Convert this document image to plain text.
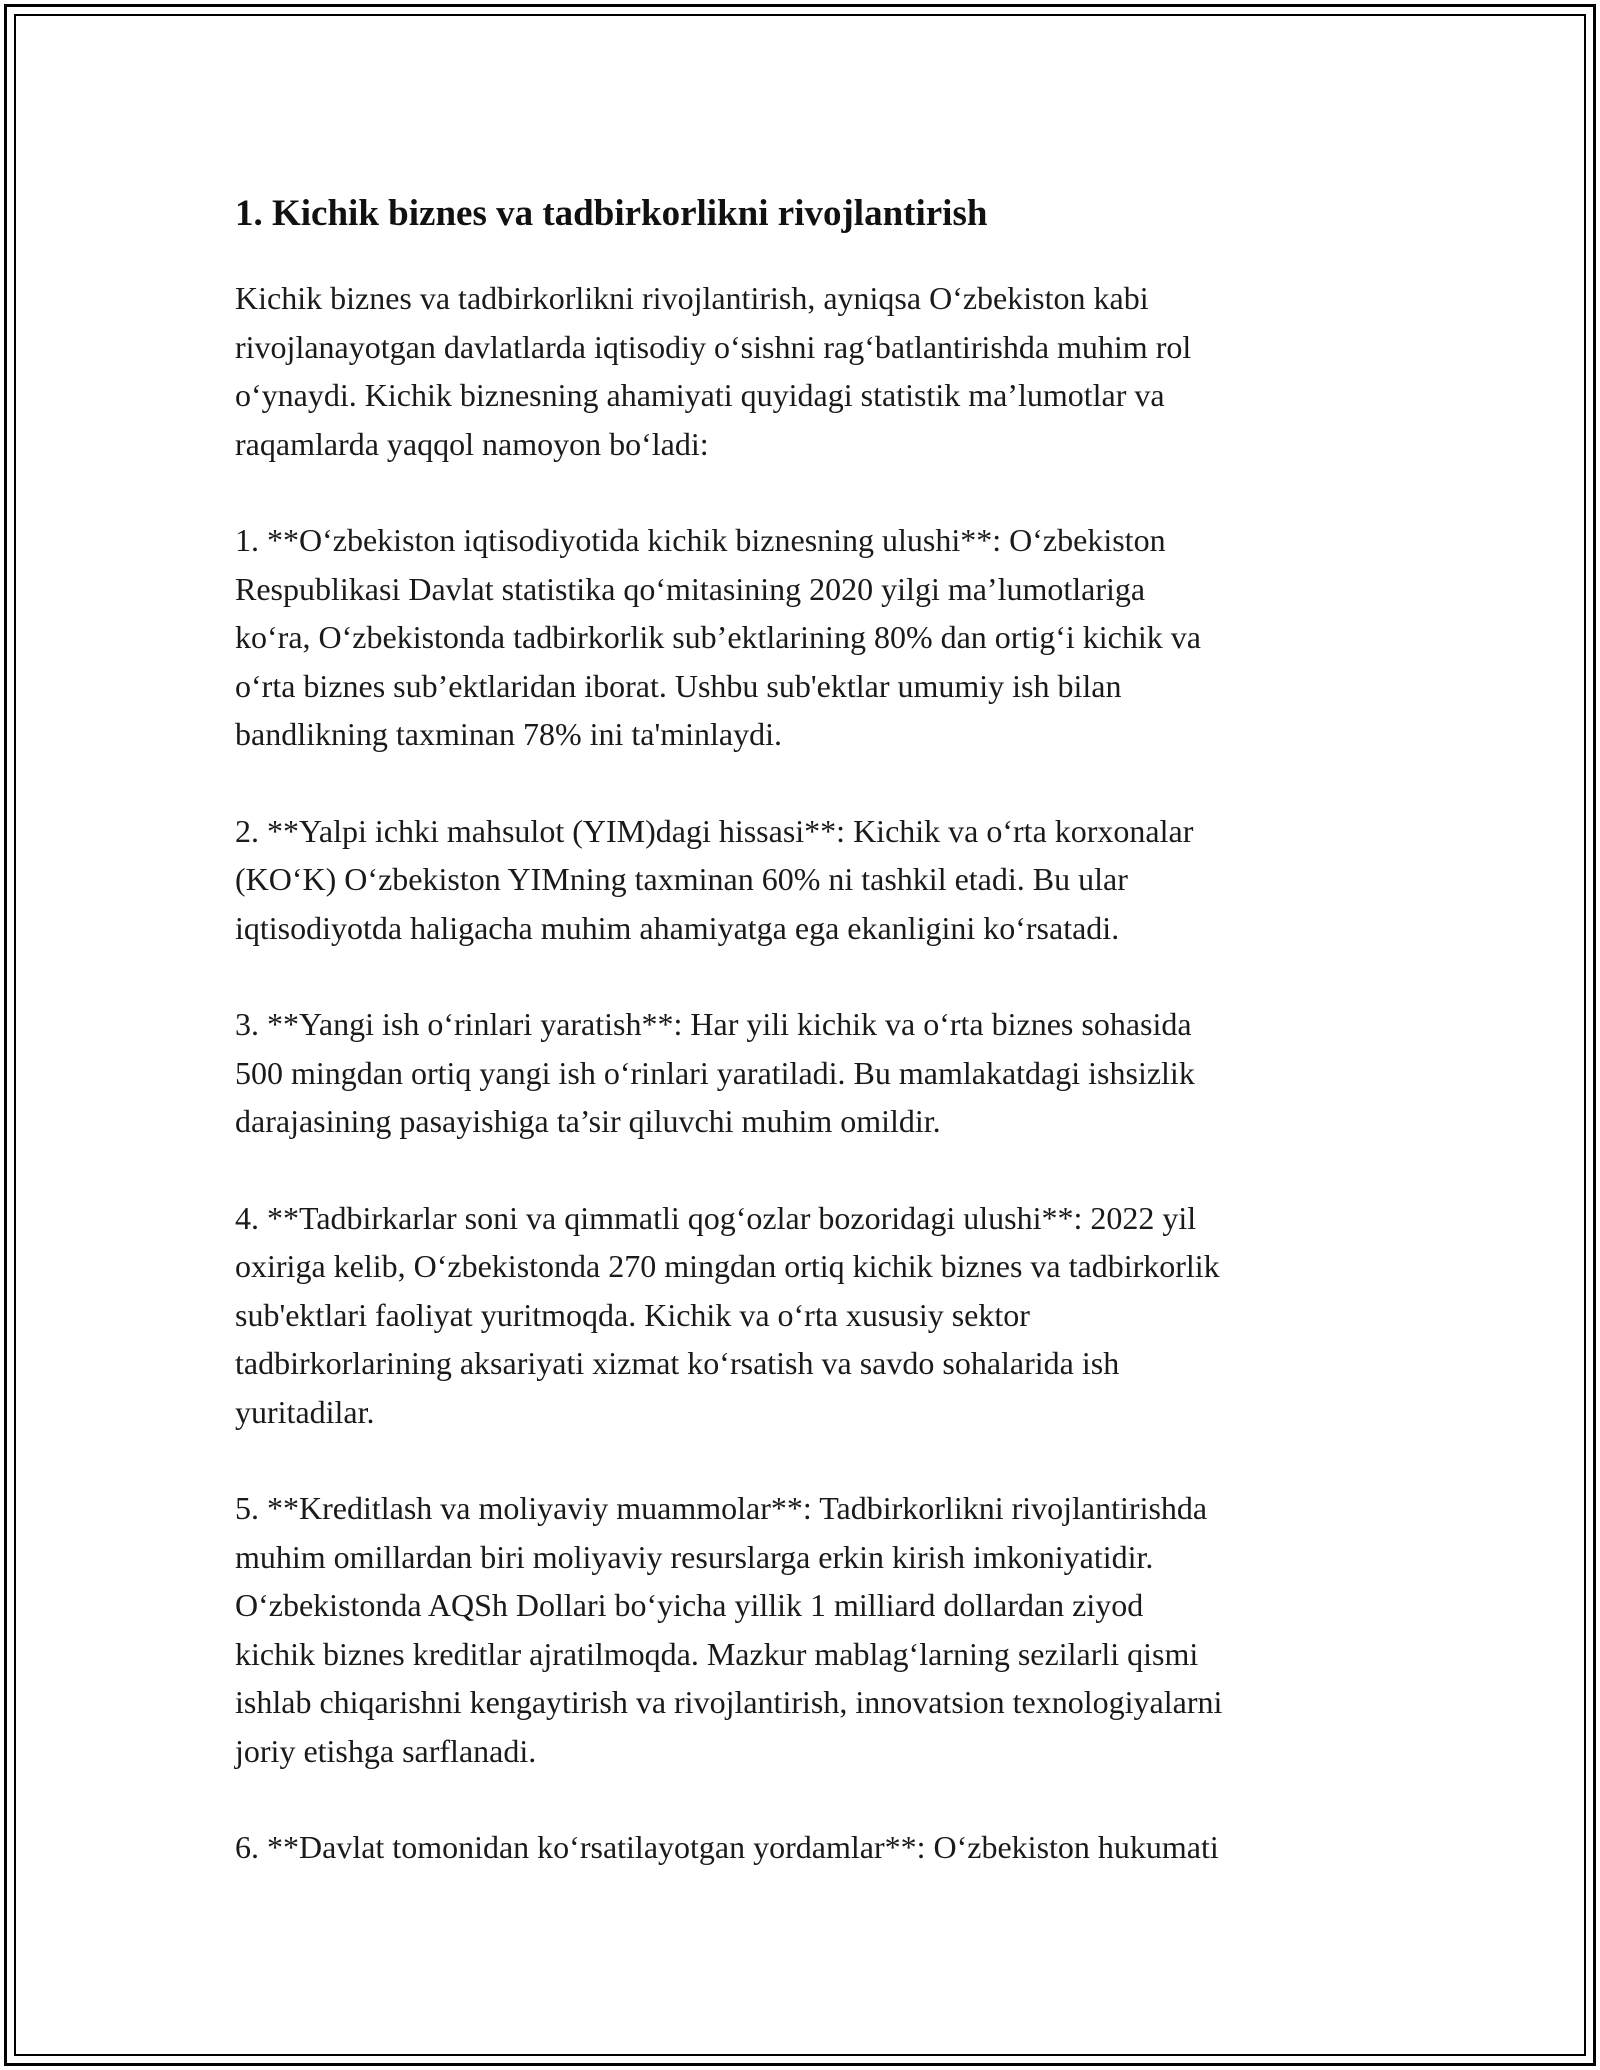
1. Kichik biznes va tadbirkorlikni rivojlantirish

Kichik biznes va tadbirkorlikni rivojlantirish, ayniqsa O‘zbekiston kabi
rivojlanayotgan davlatlarda iqtisodiy o‘sishni rag‘batlantirishda muhim rol
o‘ynaydi. Kichik biznesning ahamiyati quyidagi statistik ma’lumotlar va
raqamlarda yaqqol namoyon bo‘ladi:

1. **O‘zbekiston iqtisodiyotida kichik biznesning ulushi**: O‘zbekiston
Respublikasi Davlat statistika qo‘mitasining 2020 yilgi ma’lumotlariga
ko‘ra, O‘zbekistonda tadbirkorlik sub’ektlarining 80% dan ortig‘i kichik va
o‘rta biznes sub’ektlaridan iborat. Ushbu sub'ektlar umumiy ish bilan
bandlikning taxminan 78% ini ta'minlaydi.

2. **Yalpi ichki mahsulot (YIM)dagi hissasi**: Kichik va o‘rta korxonalar
(KO‘K) O‘zbekiston YIMning taxminan 60% ni tashkil etadi. Bu ular
iqtisodiyotda haligacha muhim ahamiyatga ega ekanligini ko‘rsatadi.

3. **Yangi ish o‘rinlari yaratish**: Har yili kichik va o‘rta biznes sohasida
500 mingdan ortiq yangi ish o‘rinlari yaratiladi. Bu mamlakatdagi ishsizlik
darajasining pasayishiga ta’sir qiluvchi muhim omildir.

4. **Tadbirkarlar soni va qimmatli qog‘ozlar bozoridagi ulushi**: 2022 yil
oxiriga kelib, O‘zbekistonda 270 mingdan ortiq kichik biznes va tadbirkorlik
sub'ektlari faoliyat yuritmoqda. Kichik va o‘rta xususiy sektor
tadbirkorlarining aksariyati xizmat ko‘rsatish va savdo sohalarida ish
yuritadilar.

5. **Kreditlash va moliyaviy muammolar**: Tadbirkorlikni rivojlantirishda
muhim omillardan biri moliyaviy resurslarga erkin kirish imkoniyatidir.
O‘zbekistonda AQSh Dollari bo‘yicha yillik 1 milliard dollardan ziyod
kichik biznes kreditlar ajratilmoqda. Mazkur mablag‘larning sezilarli qismi
ishlab chiqarishni kengaytirish va rivojlantirish, innovatsion texnologiyalarni
joriy etishga sarflanadi.

6. **Davlat tomonidan ko‘rsatilayotgan yordamlar**: O‘zbekiston hukumati
